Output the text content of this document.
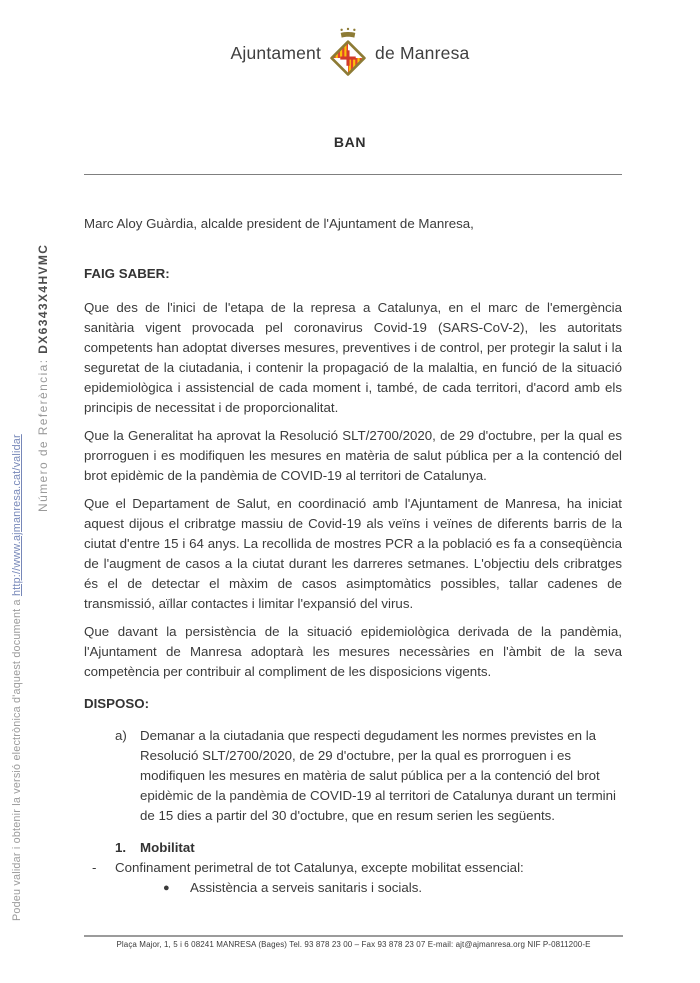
Podeu validar i obtenir la versió electrònica d'aquest document a http://www.ajmanresa.cat/validar
Número de Referència: DX6343X4HVMC
Ajuntament	de Manresa
BAN

Marc Aloy Guàrdia, alcalde president de l'Ajuntament de Manresa,

FAIG SABER:

Que des de l'inici de l'etapa de la represa a Catalunya, en el marc de l'emergència sanitària vigent provocada pel coronavirus Covid-19 (SARS-CoV-2), les autoritats competents han adoptat diverses mesures, preventives i de control, per protegir la salut i la seguretat de la ciutadania, i contenir la propagació de la malaltia, en funció de la situació epidemiològica i assistencial de cada moment i, també, de cada territori, d'acord amb els principis de necessitat i de proporcionalitat.

Que la Generalitat ha aprovat la Resolució SLT/2700/2020, de 29 d'octubre, per la qual es prorroguen i es modifiquen les mesures en matèria de salut pública per a la contenció del brot epidèmic de la pandèmia de COVID-19 al territori de Catalunya.

Que el Departament de Salut, en coordinació amb l'Ajuntament de Manresa, ha iniciat aquest dijous el cribratge massiu de Covid-19 als veïns i veïnes de diferents barris de la ciutat d'entre 15 i 64 anys. La recollida de mostres PCR a la població es fa a conseqüència de l'augment de casos a la ciutat durant les darreres setmanes. L'objectiu dels cribratges és el de detectar el màxim de casos asimptomàtics possibles, tallar cadenes de transmissió, aïllar contactes i limitar l'expansió del virus.

Que davant la persistència de la situació epidemiològica derivada de la pandèmia, l'Ajuntament de Manresa adoptarà les mesures necessàries en l'àmbit de la seva competència per contribuir al compliment de les disposicions vigents.

DISPOSO:
a) Demanar a la ciutadania que respecti degudament les normes previstes en la Resolució SLT/2700/2020, de 29 d'octubre, per la qual es prorroguen i es modifiquen les mesures en matèria de salut pública per a la contenció del brot epidèmic de la pandèmia de COVID-19 al territori de Catalunya durant un termini de 15 dies a partir del 30 d'octubre, que en resum serien les següents.
1.	Mobilitat
-	Confinament perimetral de tot Catalunya, excepte mobilitat essencial:
●	Assistència a serveis sanitaris i socials.
Plaça Major, 1, 5 i 6 08241 MANRESA (Bages) Tel. 93 878 23 00 – Fax 93 878 23 07 E-mail: ajt@ajmanresa.org NIF P-0811200-E
